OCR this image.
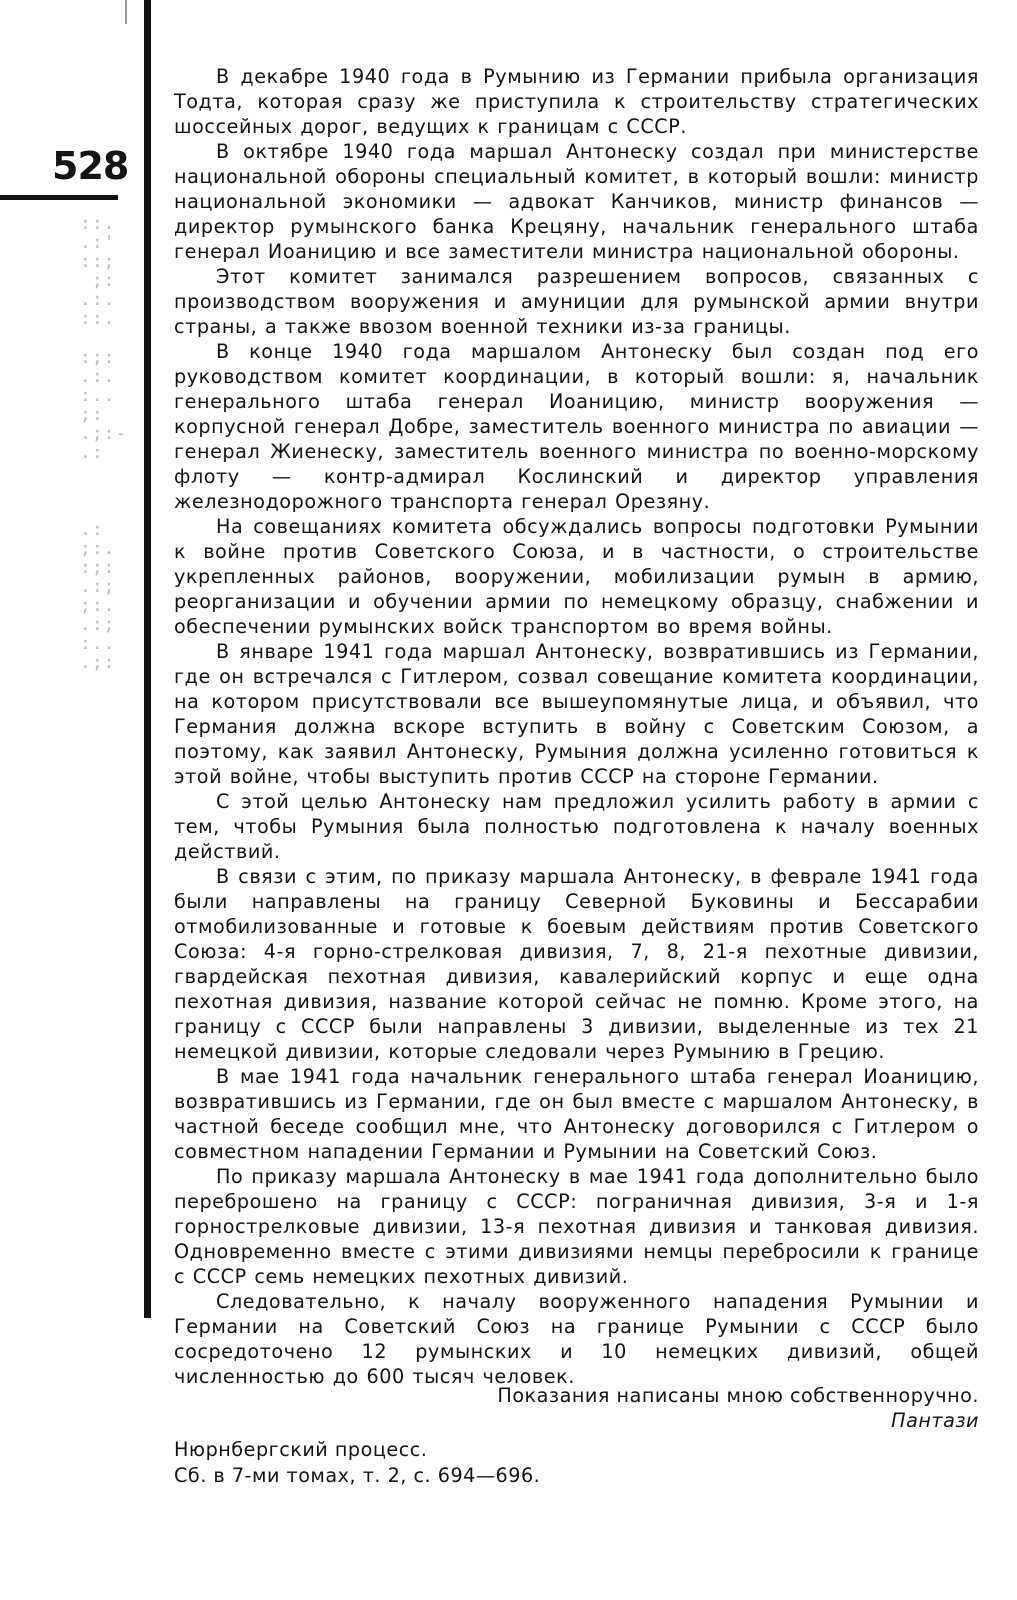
528
::.
.:'
::;
;:
.:.
::.
:;:
.:.
:..
;:
.;:-
.:
.:
;:.
:;:
.:;
;:.
.:;
:..
.;:

В декабре 1940 года в Румынию из Германии прибыла организация Тодта, которая сразу же приступила к строительству стратегических шоссейных дорог, ведущих к границам с СССР.

В октябре 1940 года маршал Антонеску создал при министерстве национальной обороны специальный комитет, в который вошли: министр национальной экономики — адвокат Канчиков, министр финансов — директор румынского банка Крецяну, начальник генерального штаба генерал Иоаницию и все заместители министра национальной обороны.

Этот комитет занимался разрешением вопросов, связанных с производством вооружения и амуниции для румынской армии внутри страны, а также ввозом военной техники из-за границы.

В конце 1940 года маршалом Антонеску был создан под его руководством комитет координации, в который вошли: я, начальник генерального штаба генерал Иоаницию, министр вооружения — корпусной генерал Добре, заместитель военного министра по авиации — генерал Жиенеску, заместитель военного министра по военно-морскому флоту — контр-адмирал Кослинский и директор управления железнодорожного транспорта генерал Орезяну.

На совещаниях комитета обсуждались вопросы подготовки Румынии к войне против Советского Союза, и в частности, о строительстве укрепленных районов, вооружении, мобилизации румын в армию, реорганизации и обучении армии по немецкому образцу, снабжении и обеспечении румынских войск транспортом во время войны.

В январе 1941 года маршал Антонеску, возвратившись из Германии, где он встречался с Гитлером, созвал совещание комитета координации, на котором присутствовали все вышеупомянутые лица, и объявил, что Германия должна вскоре вступить в войну с Советским Союзом, а поэтому, как заявил Антонеску, Румыния должна усиленно готовиться к этой войне, чтобы выступить против СССР на стороне Германии.

С этой целью Антонеску нам предложил усилить работу в армии с тем, чтобы Румыния была полностью подготовлена к началу военных действий.

В связи с этим, по приказу маршала Антонеску, в феврале 1941 года были направлены на границу Северной Буковины и Бессарабии отмобилизованные и готовые к боевым действиям против Советского Союза: 4-я горно-стрелковая дивизия, 7, 8, 21-я пехотные дивизии, гвардейская пехотная дивизия, кавалерийский корпус и еще одна пехотная дивизия, название которой сейчас не помню. Кроме этого, на границу с СССР были направлены 3 дивизии, выделенные из тех 21 немецкой дивизии, которые следовали через Румынию в Грецию.

В мае 1941 года начальник генерального штаба генерал Иоаницию, возвратившись из Германии, где он был вместе с маршалом Антонеску, в частной беседе сообщил мне, что Антонеску договорился с Гитлером о совместном нападении Германии и Румынии на Советский Союз.

По приказу маршала Антонеску в мае 1941 года дополнительно было переброшено на границу с СССР: пограничная дивизия, 3-я и 1-я горнострелковые дивизии, 13-я пехотная дивизия и танковая дивизия. Одновременно вместе с этими дивизиями немцы перебросили к границе с СССР семь немецких пехотных дивизий.

Следовательно, к началу вооруженного нападения Румынии и Германии на Советский Союз на границе Румынии с СССР было сосредоточено 12 румынских и 10 немецких дивизий, общей численностью до 600 тысяч человек.

Показания написаны мною собственноручно.
Пантази
Нюрнбергский процесс.
Сб. в 7-ми томах, т. 2, с. 694—696.
